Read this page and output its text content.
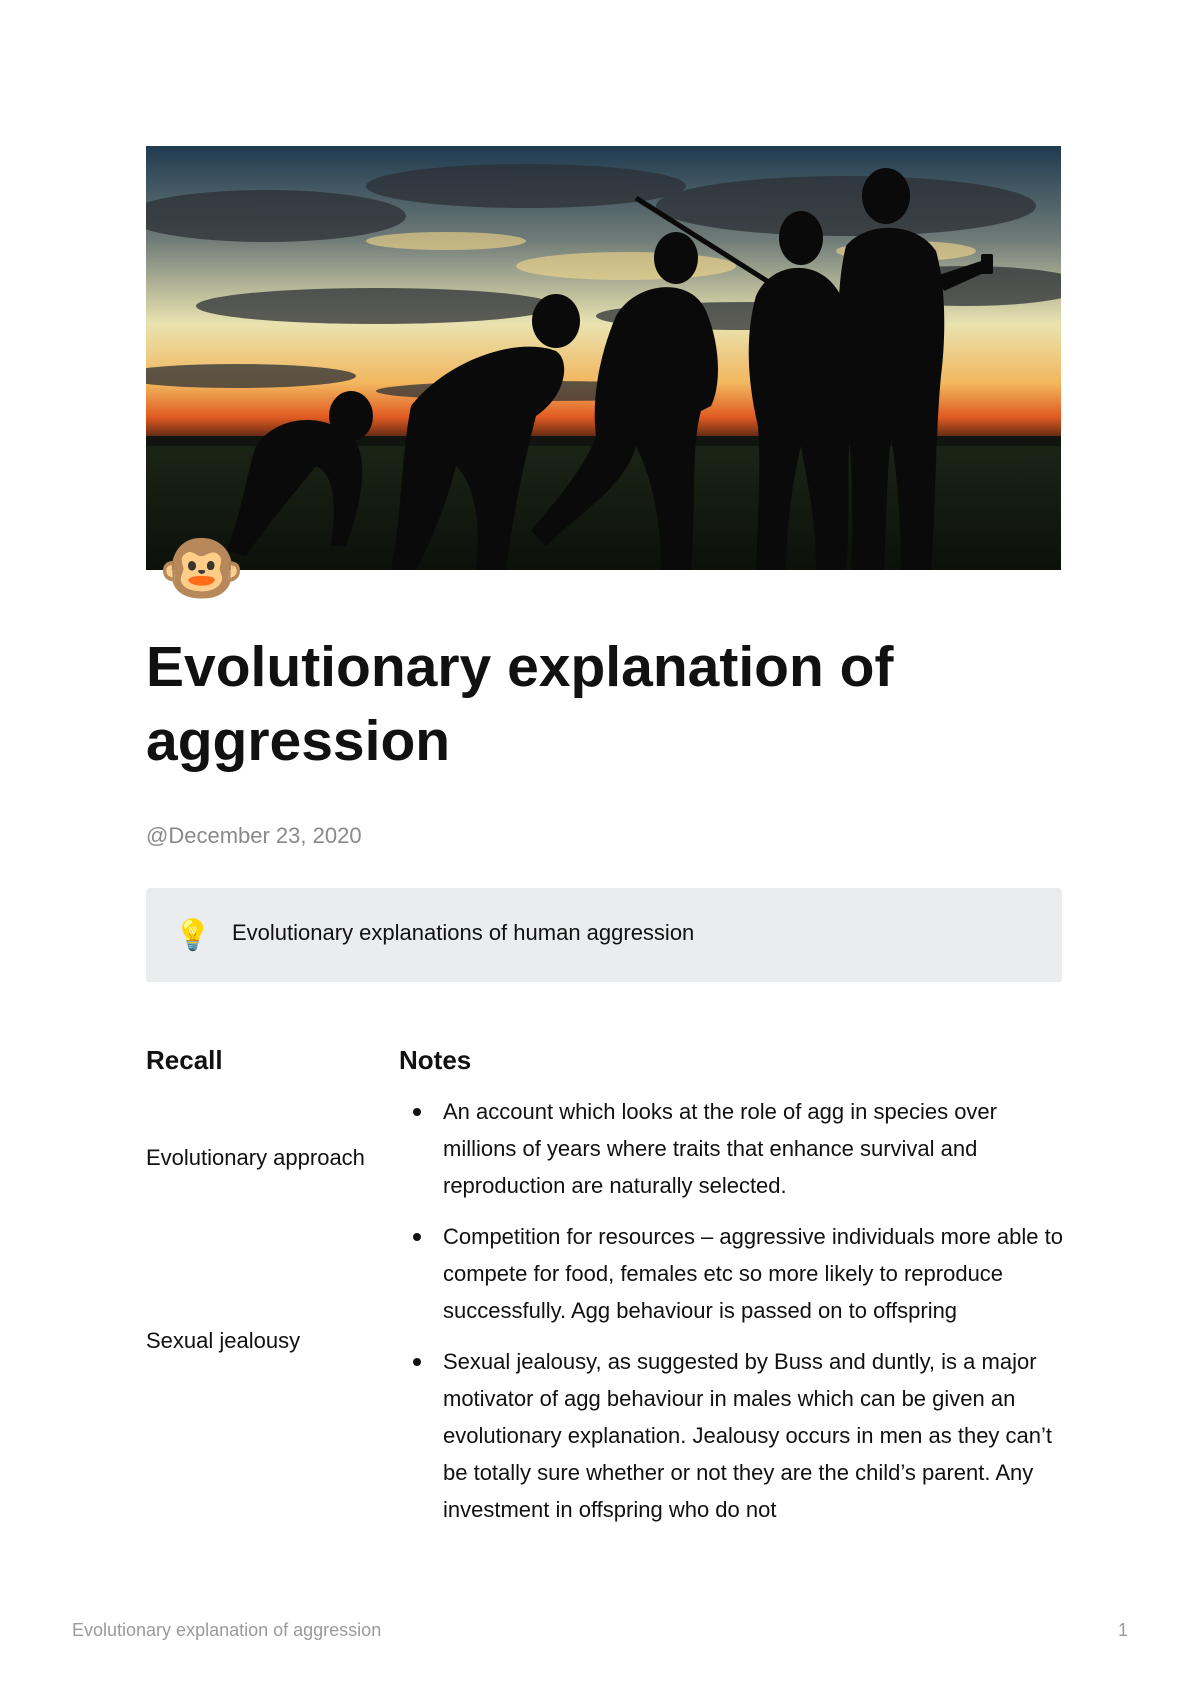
🐵
Evolutionary explanation of aggression
@December 23, 2020
💡 Evolutionary explanations of human aggression
Recall	Notes
Evolutionary approach
Sexual jealousy
An account which looks at the role of agg in species over millions of years where traits that enhance survival and reproduction are naturally selected.
Competition for resources – aggressive individuals more able to compete for food, females etc so more likely to reproduce successfully. Agg behaviour is passed on to offspring
Sexual jealousy, as suggested by Buss and duntly, is a major motivator of agg behaviour in males which can be given an evolutionary explanation. Jealousy occurs in men as they can’t be totally sure whether or not they are the child’s parent. Any investment in offspring who do not
Evolutionary explanation of aggression	1
